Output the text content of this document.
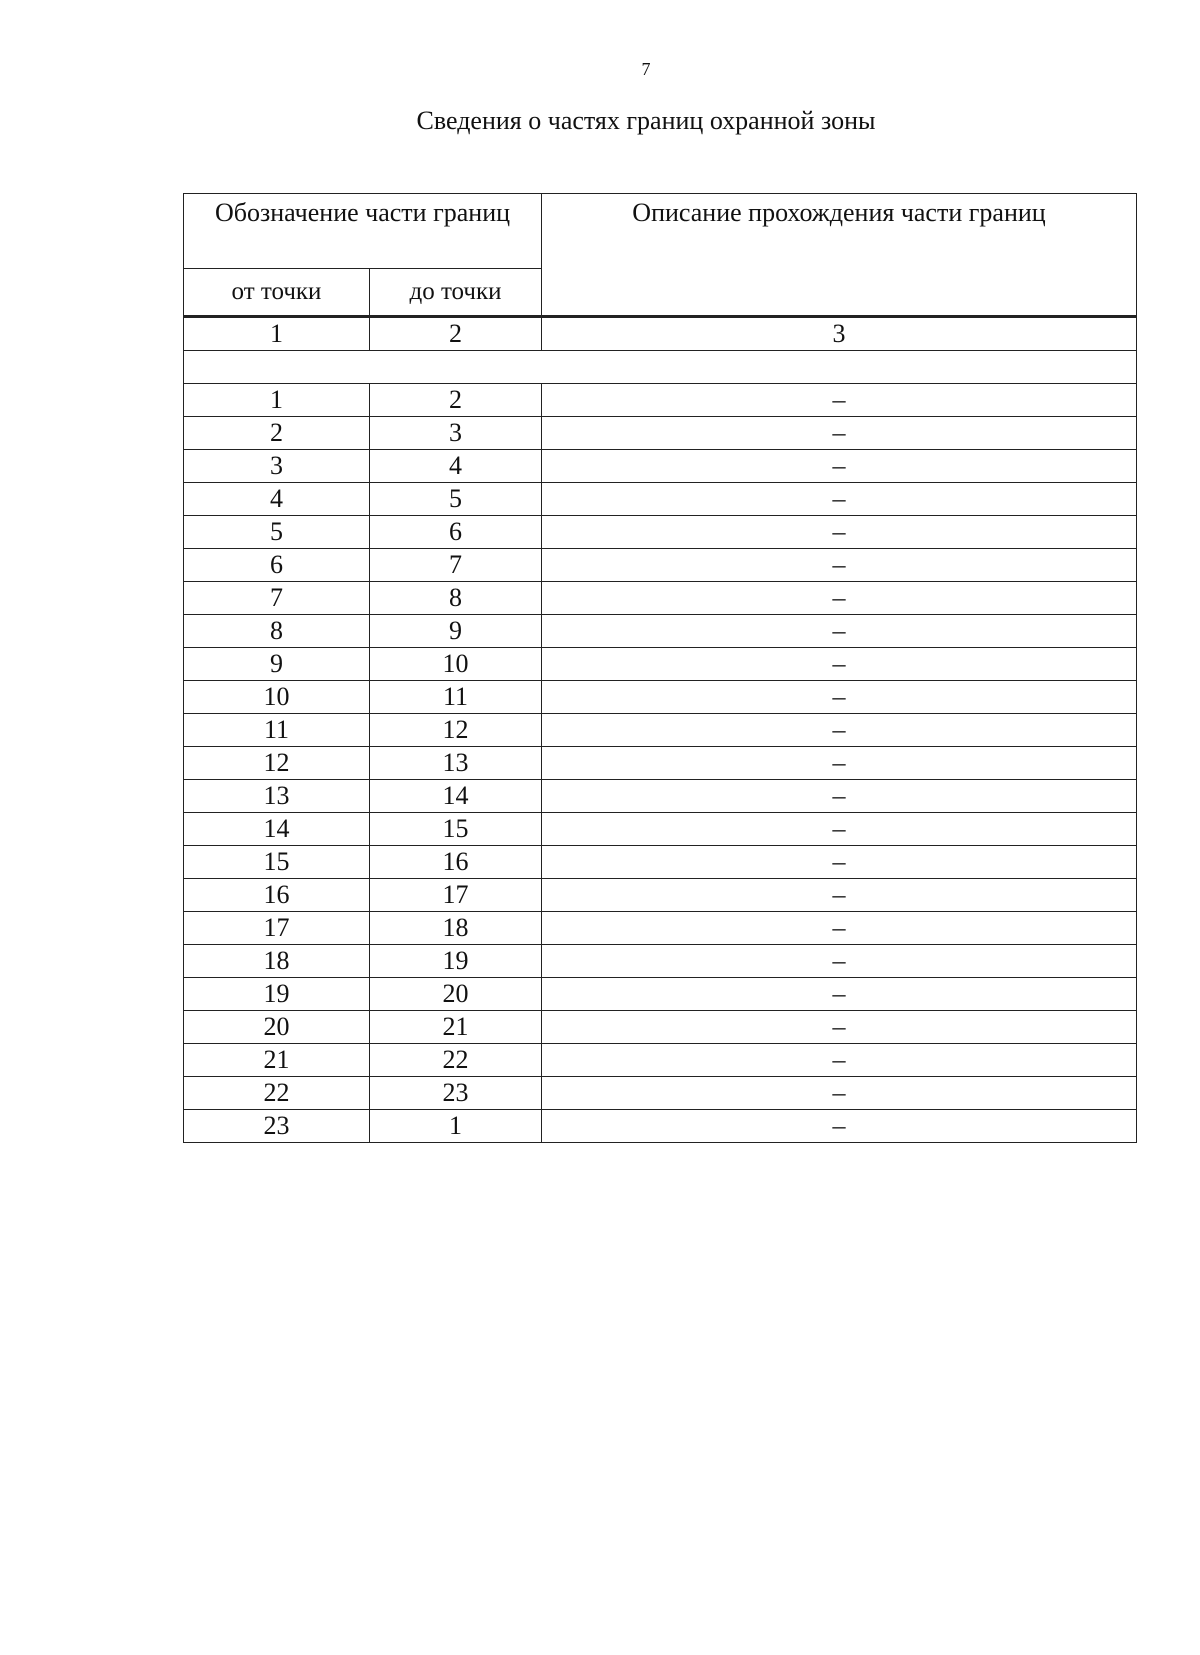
7
Сведения о частях границ охранной зоны
Обозначение части границ		Описание прохождения части границ
от точки	до точки	
1	2	3

1	2	–
2	3	–
3	4	–
4	5	–
5	6	–
6	7	–
7	8	–
8	9	–
9	10	–
10	11	–
11	12	–
12	13	–
13	14	–
14	15	–
15	16	–
16	17	–
17	18	–
18	19	–
19	20	–
20	21	–
21	22	–
22	23	–
23	1	–
